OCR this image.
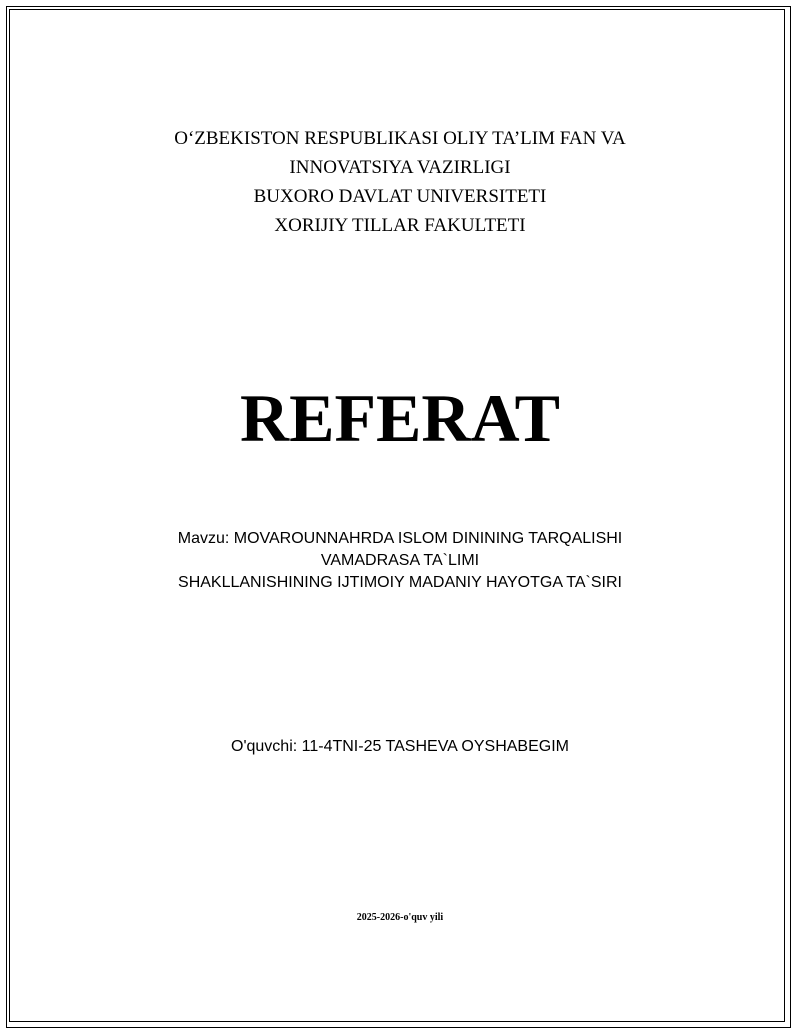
O‘ZBEKISTON RESPUBLIKASI OLIY TA’LIM FAN VA
INNOVATSIYA VAZIRLIGI
BUXORO DAVLAT UNIVERSITETI
XORIJIY TILLAR FAKULTETI
REFERAT
Mavzu: MOVAROUNNAHRDA ISLOM DININING TARQALISHI
VAMADRASA TA`LIMI
SHAKLLANISHINING IJTIMOIY MADANIY HAYOTGA TA`SIRI
O'quvchi: 11-4TNI-25 TASHEVA OYSHABEGIM
2025-2026-o'quv yili
